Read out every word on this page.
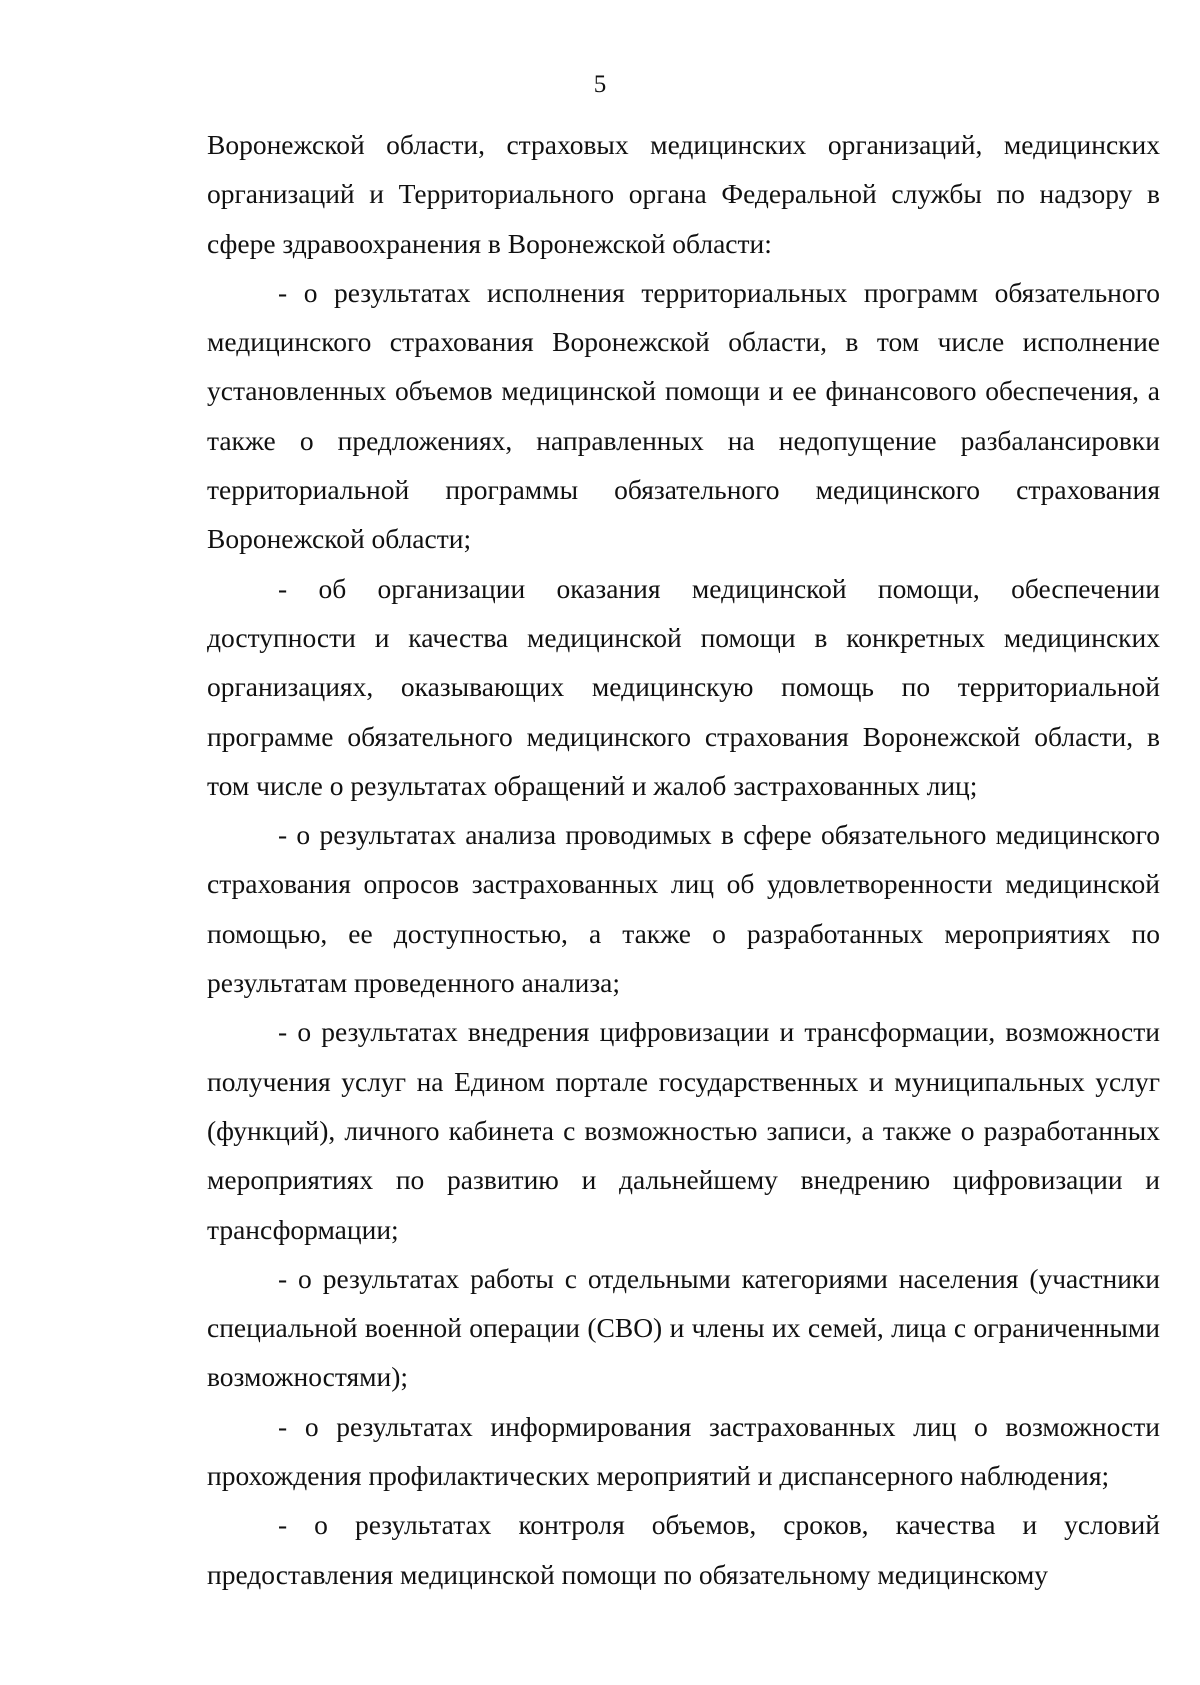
5

Воронежской области, страховых медицинских организаций, медицинских организаций и Территориального органа Федеральной службы по надзору в сфере здравоохранения в Воронежской области:

- о результатах исполнения территориальных программ обязательного медицинского страхования Воронежской области, в том числе исполнение установленных объемов медицинской помощи и ее финансового обеспечения, а также о предложениях, направленных на недопущение разбалансировки территориальной программы обязательного медицинского страхования Воронежской области;

- об организации оказания медицинской помощи, обеспечении доступности и качества медицинской помощи в конкретных медицинских организациях, оказывающих медицинскую помощь по территориальной программе обязательного медицинского страхования Воронежской области, в том числе о результатах обращений и жалоб застрахованных лиц;

- о результатах анализа проводимых в сфере обязательного медицинского страхования опросов застрахованных лиц об удовлетворенности медицинской помощью, ее доступностью, а также о разработанных мероприятиях по результатам проведенного анализа;

- о результатах внедрения цифровизации и трансформации, возможности получения услуг на Едином портале государственных и муниципальных услуг (функций), личного кабинета с возможностью записи, а также о разработанных мероприятиях по развитию и дальнейшему внедрению цифровизации и трансформации;

- о результатах работы с отдельными категориями населения (участники специальной военной операции (СВО) и члены их семей, лица с ограниченными возможностями);

- о результатах информирования застрахованных лиц о возможности прохождения профилактических мероприятий и диспансерного наблюдения;

- о результатах контроля объемов, сроков, качества и условий предоставления медицинской помощи по обязательному медицинскому
